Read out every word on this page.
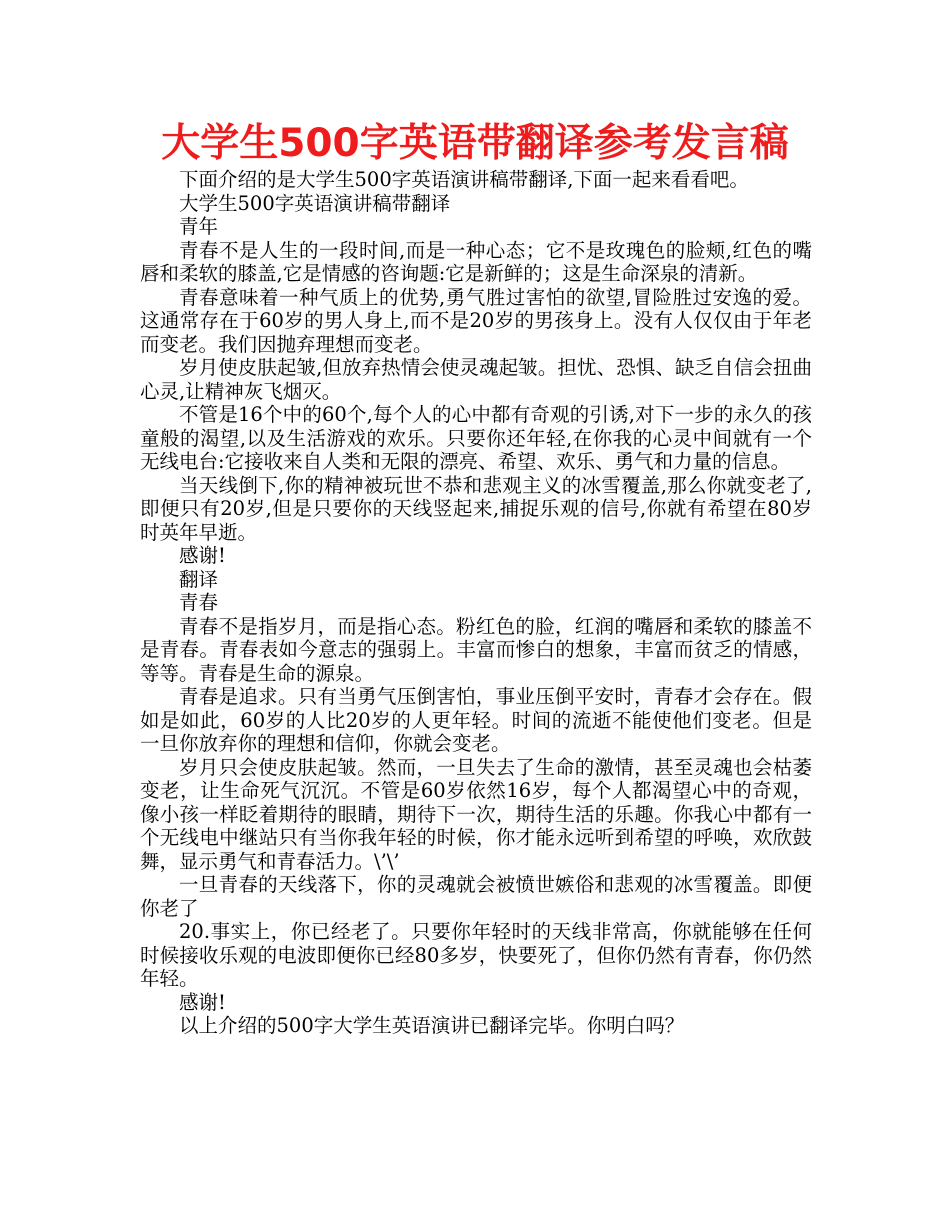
大学生500字英语带翻译参考发言稿

下面介绍的是大学生500字英语演讲稿带翻译,下面一起来看看吧。

大学生500字英语演讲稿带翻译

青年

青春不是人生的一段时间,而是一种心态；它不是玫瑰色的脸颊,红色的嘴唇和柔软的膝盖,它是情感的咨询题:它是新鲜的；这是生命深泉的清新。

青春意味着一种气质上的优势,勇气胜过害怕的欲望,冒险胜过安逸的爱。这通常存在于60岁的男人身上,而不是20岁的男孩身上。没有人仅仅由于年老而变老。我们因抛弃理想而变老。

岁月使皮肤起皱,但放弃热情会使灵魂起皱。担忧、恐惧、缺乏自信会扭曲心灵,让精神灰飞烟灭。

不管是16个中的60个,每个人的心中都有奇观的引诱,对下一步的永久的孩童般的渴望,以及生活游戏的欢乐。只要你还年轻,在你我的心灵中间就有一个无线电台:它接收来自人类和无限的漂亮、希望、欢乐、勇气和力量的信息。

当天线倒下,你的精神被玩世不恭和悲观主义的冰雪覆盖,那么你就变老了,即便只有20岁,但是只要你的天线竖起来,捕捉乐观的信号,你就有希望在80岁时英年早逝。

感谢!

翻译

青春

青春不是指岁月，而是指心态。粉红色的脸，红润的嘴唇和柔软的膝盖不是青春。青春表如今意志的强弱上。丰富而惨白的想象，丰富而贫乏的情感，等等。青春是生命的源泉。

青春是追求。只有当勇气压倒害怕，事业压倒平安时，青春才会存在。假如是如此，60岁的人比20岁的人更年轻。时间的流逝不能使他们变老。但是一旦你放弃你的理想和信仰，你就会变老。

岁月只会使皮肤起皱。然而，一旦失去了生命的激情，甚至灵魂也会枯萎变老，让生命死气沉沉。不管是60岁依然16岁，每个人都渴望心中的奇观，像小孩一样眨着期待的眼睛，期待下一次，期待生活的乐趣。你我心中都有一个无线电中继站只有当你我年轻的时候，你才能永远听到希望的呼唤，欢欣鼓舞，显示勇气和青春活力。\’\’

一旦青春的天线落下，你的灵魂就会被愤世嫉俗和悲观的冰雪覆盖。即便你老了

20.事实上，你已经老了。只要你年轻时的天线非常高，你就能够在任何时候接收乐观的电波即便你已经80多岁，快要死了，但你仍然有青春，你仍然年轻。

感谢!

以上介绍的500字大学生英语演讲已翻译完毕。你明白吗？
